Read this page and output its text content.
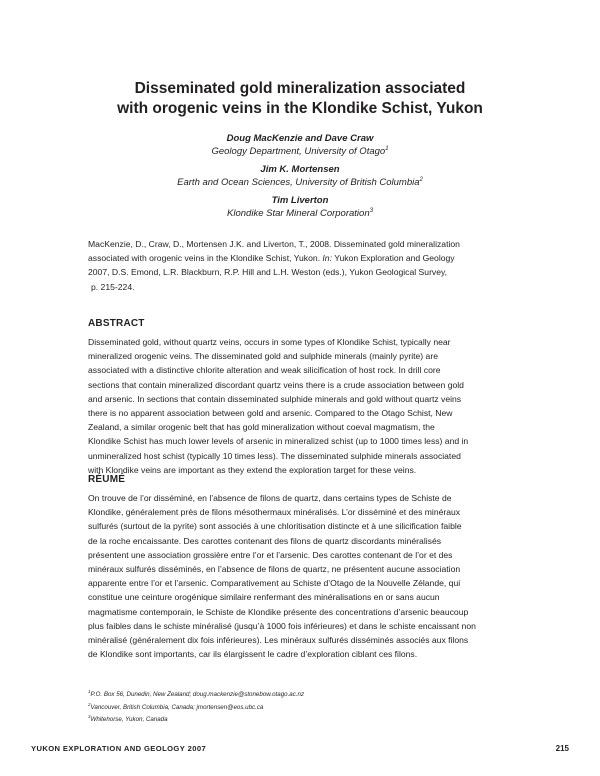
Disseminated gold mineralization associated
with orogenic veins in the Klondike Schist, Yukon
Doug MacKenzie and Dave Craw
Geology Department, University of Otago$^1$
Jim K. Mortensen
Earth and Ocean Sciences, University of British Columbia$^2$
Tim Liverton
Klondike Star Mineral Corporation$^3$
MacKenzie, D., Craw, D., Mortensen J.K. and Liverton, T., 2008. Disseminated gold mineralization
associated with orogenic veins in the Klondike Schist, Yukon. In: Yukon Exploration and Geology
2007, D.S. Emond, L.R. Blackburn, R.P. Hill and L.H. Weston (eds.), Yukon Geological Survey,
p. 215-224.
ABSTRACT
Disseminated gold, without quartz veins, occurs in some types of Klondike Schist, typically near
mineralized orogenic veins. The disseminated gold and sulphide minerals (mainly pyrite) are
associated with a distinctive chlorite alteration and weak silicification of host rock. In drill core
sections that contain mineralized discordant quartz veins there is a crude association between gold
and arsenic. In sections that contain disseminated sulphide minerals and gold without quartz veins
there is no apparent association between gold and arsenic. Compared to the Otago Schist, New
Zealand, a similar orogenic belt that has gold mineralization without coeval magmatism, the
Klondike Schist has much lower levels of arsenic in mineralized schist (up to 1000 times less) and in
unmineralized host schist (typically 10 times less). The disseminated sulphide minerals associated
with Klondike veins are important as they extend the exploration target for these veins.
RÉUMÉ
On trouve de l’or disséminé, en l’absence de filons de quartz, dans certains types de Schiste de
Klondike, généralement près de filons mésothermaux minéralisés. L’or disséminé et des minéraux
sulfurés (surtout de la pyrite) sont associés à une chloritisation distincte et à une silicification faible
de la roche encaissante. Des carottes contenant des filons de quartz discordants minéralisés
présentent une association grossière entre l’or et l’arsenic. Des carottes contenant de l’or et des
minéraux sulfurés disséminés, en l’absence de filons de quartz, ne présentent aucune association
apparente entre l’or et l’arsenic. Comparativement au Schiste d’Otago de la Nouvelle Zélande, qui
constitue une ceinture orogénique similaire renfermant des minéralisations en or sans aucun
magmatisme contemporain, le Schiste de Klondike présente des concentrations d’arsenic beaucoup
plus faibles dans le schiste minéralisé (jusqu’à 1000 fois inférieures) et dans le schiste encaissant non
minéralisé (généralement dix fois inférieures). Les minéraux sulfurés disséminés associés aux filons
de Klondike sont importants, car ils élargissent le cadre d’exploration ciblant ces filons.
$^1$P.O. Box 56, Dunedin, New Zealand; doug.mackenzie@stonebow.otago.ac.nz
$^2$Vancouver, British Columbia, Canada; jmortensen@eos.ubc.ca
$^3$Whitehorse, Yukon, Canada
YUKON EXPLORATION AND GEOLOGY 2007	215
